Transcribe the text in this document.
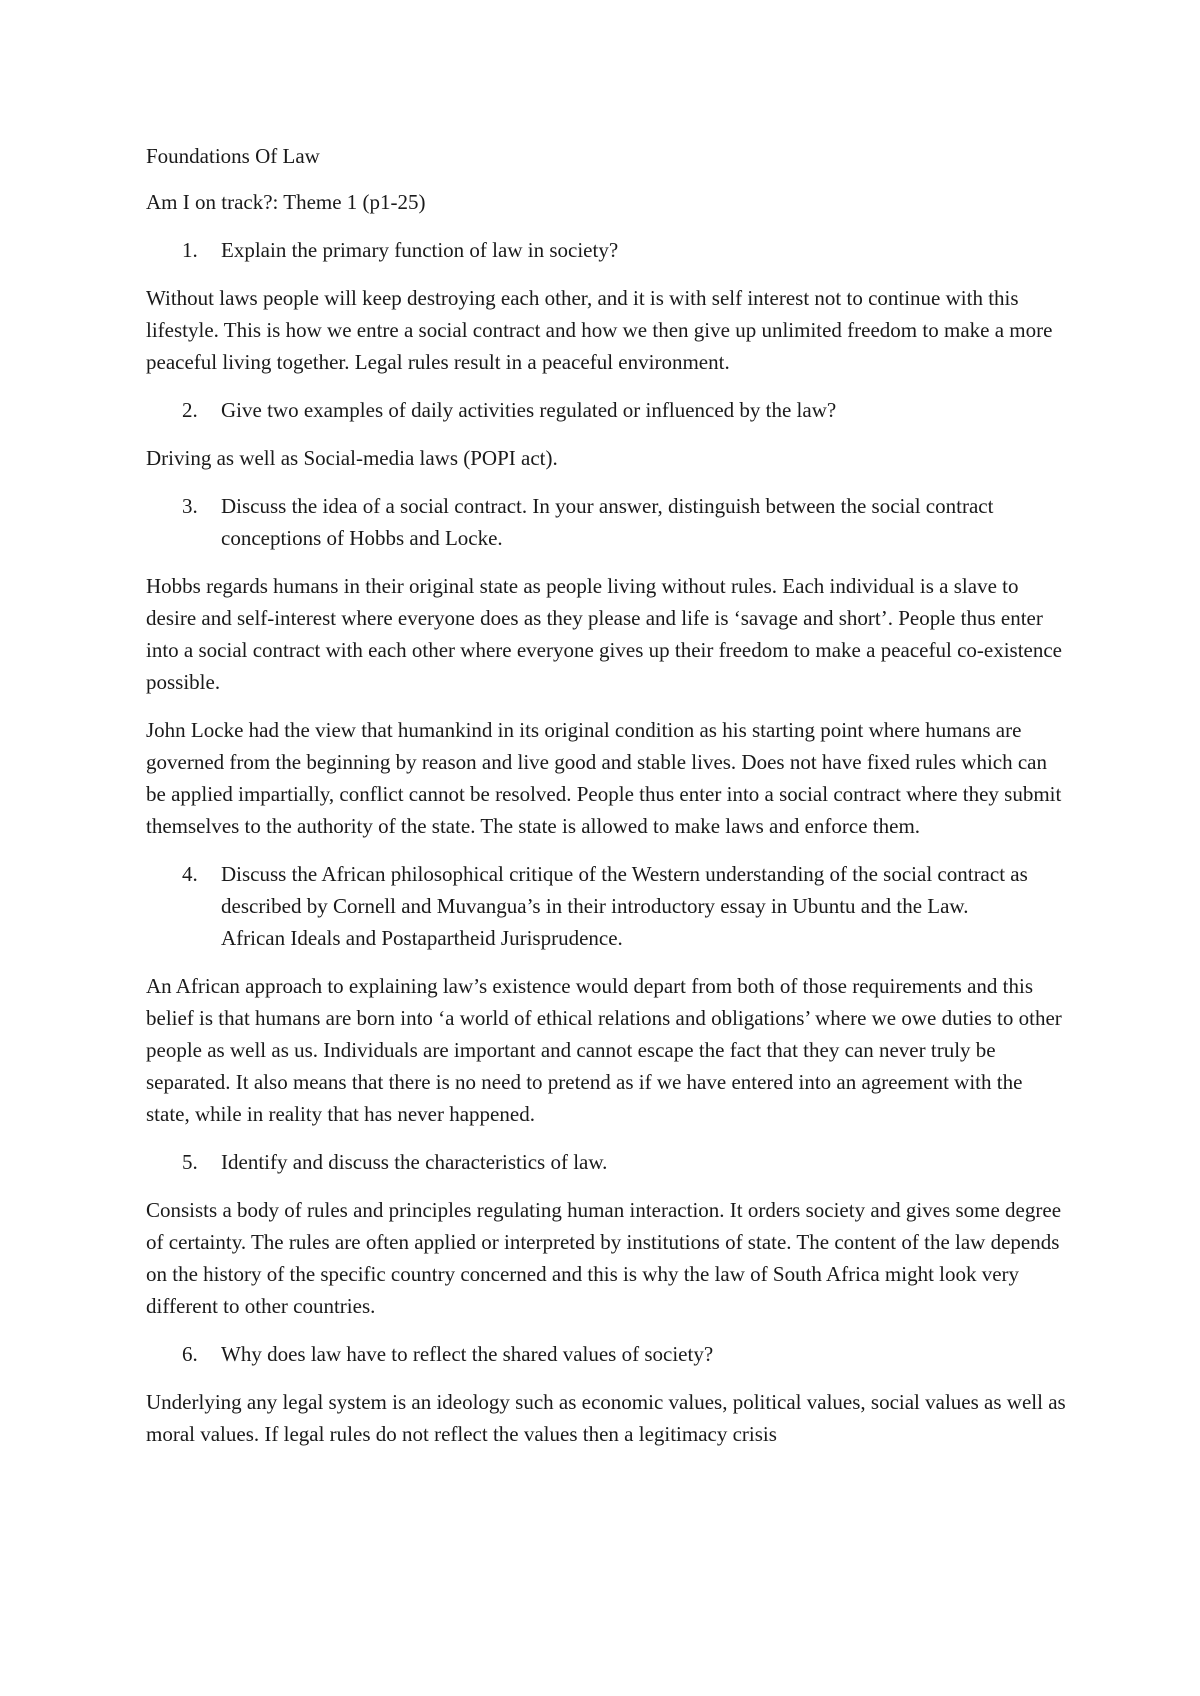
Foundations Of Law

Am I on track?: Theme 1 (p1-25)

1.	Explain the primary function of law in society?

Without laws people will keep destroying each other, and it is with self interest not to continue with this lifestyle. This is how we entre a social contract and how we then give up unlimited freedom to make a more peaceful living together. Legal rules result in a peaceful environment.

2.	Give two examples of daily activities regulated or influenced by the law?

Driving as well as Social-media laws (POPI act).

3.	Discuss the idea of a social contract. In your answer, distinguish between the social contract conceptions of Hobbs and Locke.

Hobbs regards humans in their original state as people living without rules. Each individual is a slave to desire and self-interest where everyone does as they please and life is ‘savage and short’. People thus enter into a social contract with each other where everyone gives up their freedom to make a peaceful co-existence possible.

John Locke had the view that humankind in its original condition as his starting point where humans are governed from the beginning by reason and live good and stable lives. Does not have fixed rules which can be applied impartially, conflict cannot be resolved. People thus enter into a social contract where they submit themselves to the authority of the state. The state is allowed to make laws and enforce them.

4.	Discuss the African philosophical critique of the Western understanding of the social contract as described by Cornell and Muvangua’s in their introductory essay in Ubuntu and the Law. African Ideals and Postapartheid Jurisprudence.

An African approach to explaining law’s existence would depart from both of those requirements and this belief is that humans are born into ‘a world of ethical relations and obligations’ where we owe duties to other people as well as us. Individuals are important and cannot escape the fact that they can never truly be separated. It also means that there is no need to pretend as if we have entered into an agreement with the state, while in reality that has never happened.

5.	Identify and discuss the characteristics of law.

Consists a body of rules and principles regulating human interaction. It orders society and gives some degree of certainty. The rules are often applied or interpreted by institutions of state. The content of the law depends on the history of the specific country concerned and this is why the law of South Africa might look very different to other countries.

6.	Why does law have to reflect the shared values of society?

Underlying any legal system is an ideology such as economic values, political values, social values as well as moral values. If legal rules do not reflect the values then a legitimacy crisis
